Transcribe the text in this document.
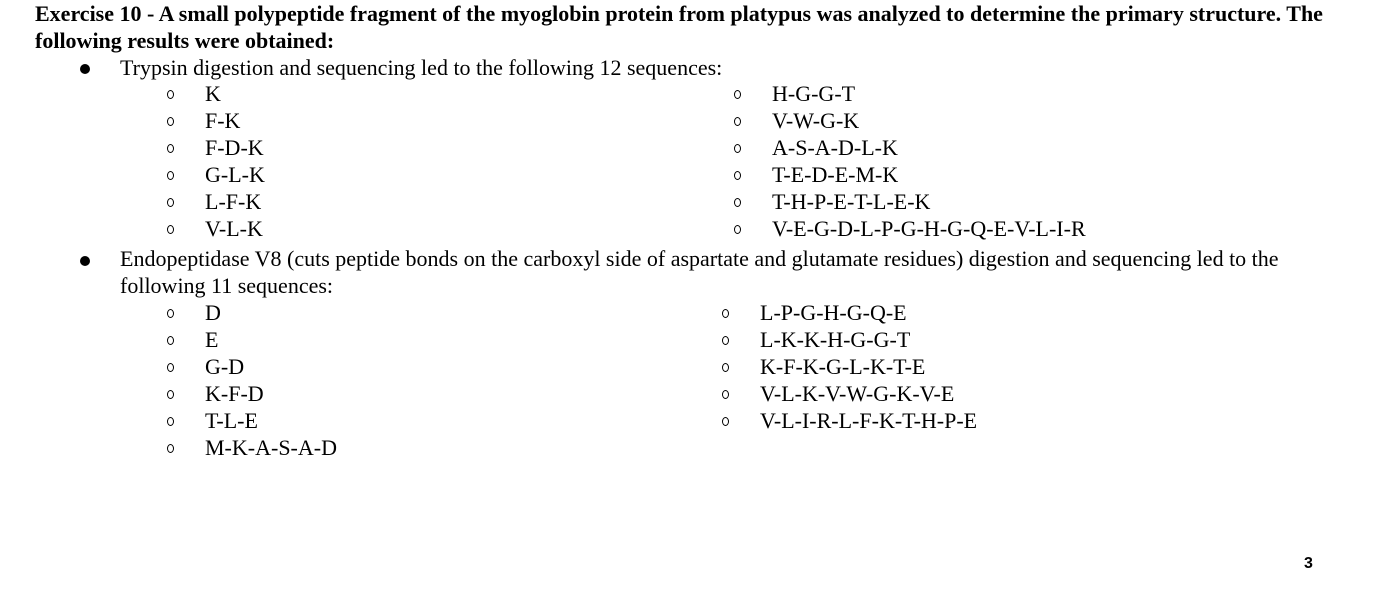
Exercise 10 - A small polypeptide fragment of the myoglobin protein from platypus was analyzed to determine the primary structure. The following results were obtained:
Trypsin digestion and sequencing led to the following 12 sequences:
K
F-K
F-D-K
G-L-K
L-F-K
V-L-K
H-G-G-T
V-W-G-K
A-S-A-D-L-K
T-E-D-E-M-K
T-H-P-E-T-L-E-K
V-E-G-D-L-P-G-H-G-Q-E-V-L-I-R
Endopeptidase V8 (cuts peptide bonds on the carboxyl side of aspartate and glutamate residues) digestion and sequencing led to the following 11 sequences:
D
E
G-D
K-F-D
T-L-E
M-K-A-S-A-D
L-P-G-H-G-Q-E
L-K-K-H-G-G-T
K-F-K-G-L-K-T-E
V-L-K-V-W-G-K-V-E
V-L-I-R-L-F-K-T-H-P-E
3
